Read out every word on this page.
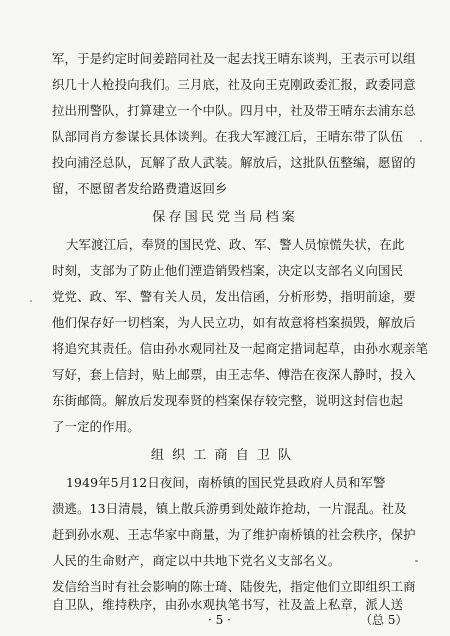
军，于是约定时间姜踣同社及一起去找王晴东谈判，王表示可以组
织几十人枪投向我们。三月底，社及向王克刚政委汇报，政委同意
拉出刑警队，打算建立一个中队。四月中，社及带王晴东去浦东总
队部同肖方参谋长具体谈判。在我大军渡江后，王晴东带了队伍
投向浦泾总队，瓦解了敌人武装。解放后，这批队伍整编，愿留的
留，不愿留者发给路费遣返回乡
保存国民党当局档案
大军渡江后，奉贤的国民党、政、军、警人员惊慌失状，在此
时刻，支部为了防止他们湮造销毁档案，决定以支部名义向国民
党党、政、军、警有关人员，发出信函，分析形势，指明前途，要
他们保存好一切档案，为人民立功，如有故意将档案损毁，解放后
将追究其责任。信由孙水观同社及一起商定措词起草，由孙水观亲笔
写好，套上信封，贴上邮票，由王志华、傅浩在夜深人静时，投入
东街邮筒。解放后发现奉贤的档案保存较完整，说明这封信也起
了一定的作用。
组织工商自卫队
1949年5月12日夜间，南桥镇的国民党县政府人员和军警
溃逃。13日清晨，镇上散兵游勇到处敲诈抢劫，一片混乱。社及
赶到孙水观、王志华家中商量，为了维护南桥镇的社会秩序，保护
人民的生命财产，商定以中共地下党名义支部名义。
发信给当时有社会影响的陈士琦、陆俊先，指定他们立即组织工商
自卫队，维持秩序，由孙水观执笔书写，社及盖上私章，派人送
· 5 ·	（总 5）
